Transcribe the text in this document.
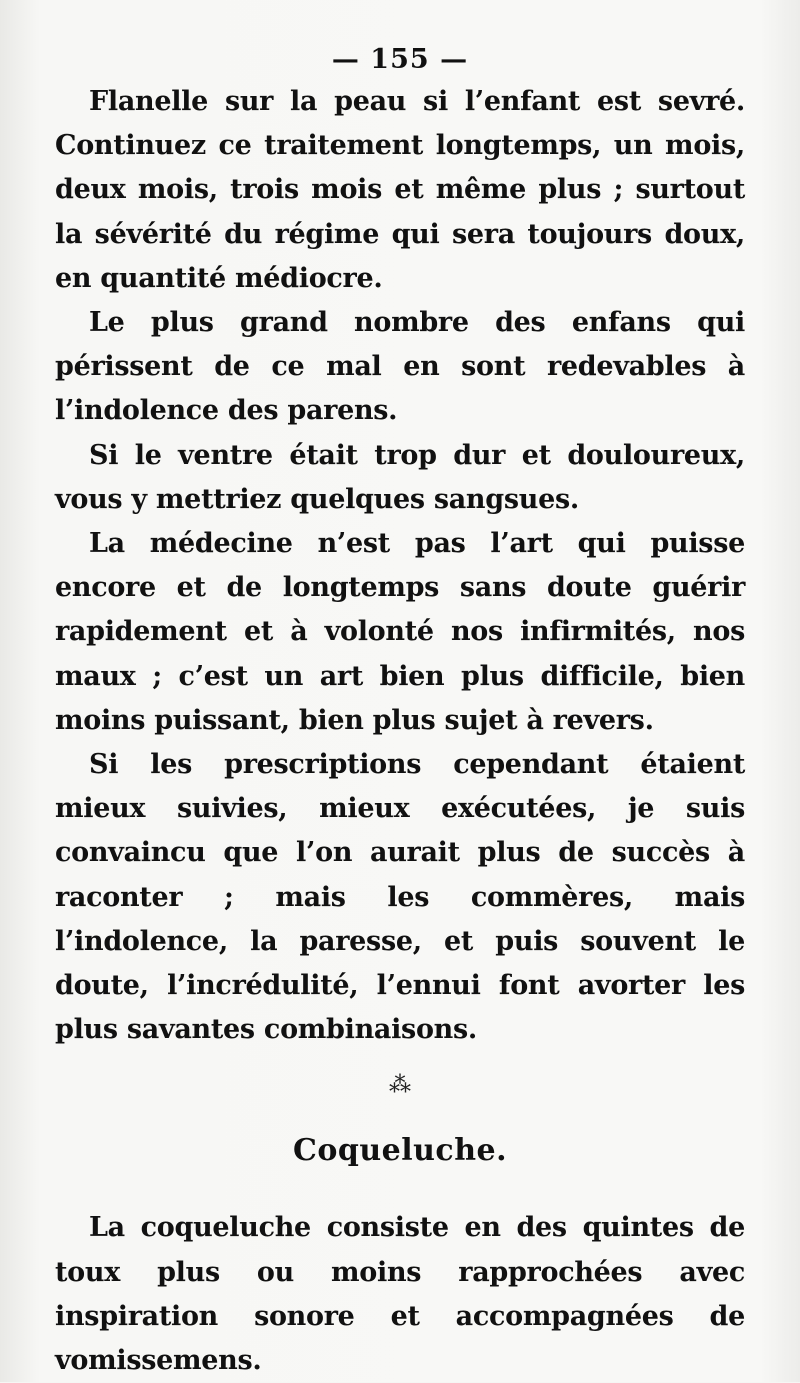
— 155 —

Flanelle sur la peau si l’enfant est sevré. Continuez ce traitement longtemps, un mois, deux mois, trois mois et même plus ; surtout la sévérité du régime qui sera toujours doux, en quantité médiocre.

Le plus grand nombre des enfans qui périssent de ce mal en sont redevables à l’indolence des parens.

Si le ventre était trop dur et douloureux, vous y mettriez quelques sangsues.

La médecine n’est pas l’art qui puisse encore et de longtemps sans doute guérir rapidement et à volonté nos infirmités, nos maux ; c’est un art bien plus difficile, bien moins puissant, bien plus sujet à revers.

Si les prescriptions cependant étaient mieux suivies, mieux exécutées, je suis convaincu que l’on aurait plus de succès à raconter ; mais les commères, mais l’indolence, la paresse, et puis souvent le doute, l’incrédulité, l’ennui font avorter les plus savantes combinaisons.

⁂
Coqueluche.

La coqueluche consiste en des quintes de toux plus ou moins rapprochées avec inspiration sonore et accompagnées de vomissemens.
